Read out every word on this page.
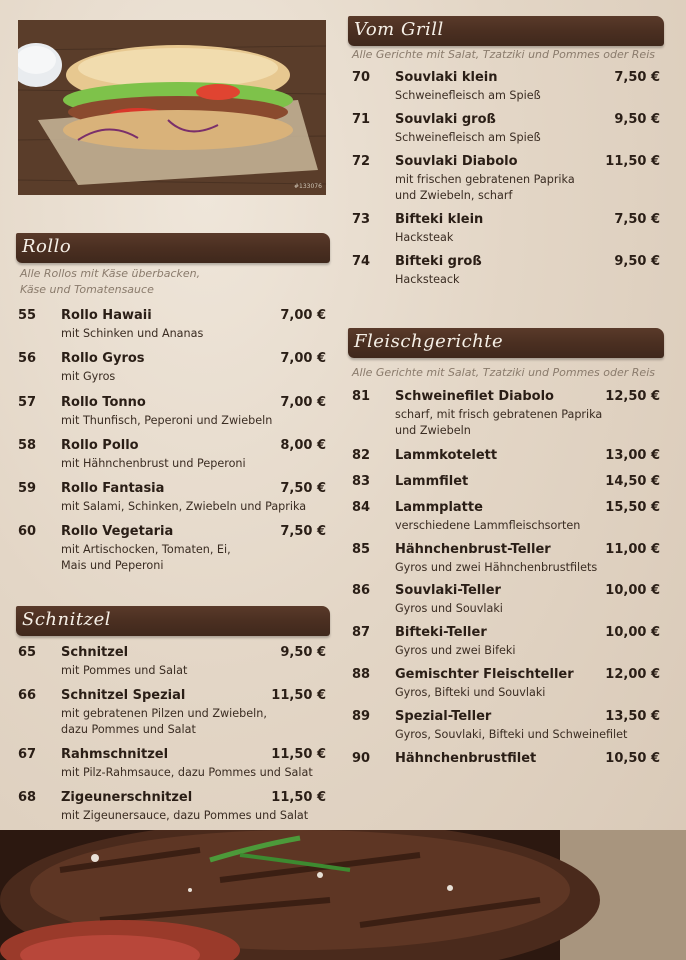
#133076
Rollo
Alle Rollos mit Käse überbacken,
Käse und Tomatensauce
55	Rollo Hawaii	7,00 €
mit Schinken und Ananas
56	Rollo Gyros	7,00 €
mit Gyros
57	Rollo Tonno	7,00 €
mit Thunfisch, Peperoni und Zwiebeln
58	Rollo Pollo	8,00 €
mit Hähnchenbrust und Peperoni
59	Rollo Fantasia	7,50 €
mit Salami, Schinken, Zwiebeln und Paprika
60	Rollo Vegetaria	7,50 €
mit Artischocken, Tomaten, Ei,
Mais und Peperoni
Schnitzel
65	Schnitzel	9,50 €
mit Pommes und Salat
66	Schnitzel Spezial	11,50 €
mit gebratenen Pilzen und Zwiebeln,
dazu Pommes und Salat
67	Rahmschnitzel	11,50 €
mit Pilz-Rahmsauce, dazu Pommes und Salat
68	Zigeunerschnitzel	11,50 €
mit Zigeunersauce, dazu Pommes und Salat
Vom Grill
Alle Gerichte mit Salat, Tzatziki und Pommes oder Reis
70	Souvlaki klein	7,50 €
Schweinefleisch am Spieß
71	Souvlaki groß	9,50 €
Schweinefleisch am Spieß
72	Souvlaki Diabolo	11,50 €
mit frischen gebratenen Paprika
und Zwiebeln, scharf
73	Bifteki klein	7,50 €
Hacksteak
74	Bifteki groß	9,50 €
Hacksteack
Fleischgerichte
Alle Gerichte mit Salat, Tzatziki und Pommes oder Reis
81	Schweinefilet Diabolo	12,50 €
scharf, mit frisch gebratenen Paprika
und Zwiebeln
82	Lammkotelett	13,00 €
83	Lammfilet	14,50 €
84	Lammplatte	15,50 €
verschiedene Lammfleischsorten
85	Hähnchenbrust-Teller	11,00 €
Gyros und zwei Hähnchenbrustfilets
86	Souvlaki-Teller	10,00 €
Gyros und Souvlaki
87	Bifteki-Teller	10,00 €
Gyros und zwei Bifeki
88	Gemischter Fleischteller 12,00 €
Gyros, Bifteki und Souvlaki
89	Spezial-Teller	13,50 €
Gyros, Souvlaki, Bifteki und Schweinefilet
90	Hähnchenbrustfilet	10,50 €
